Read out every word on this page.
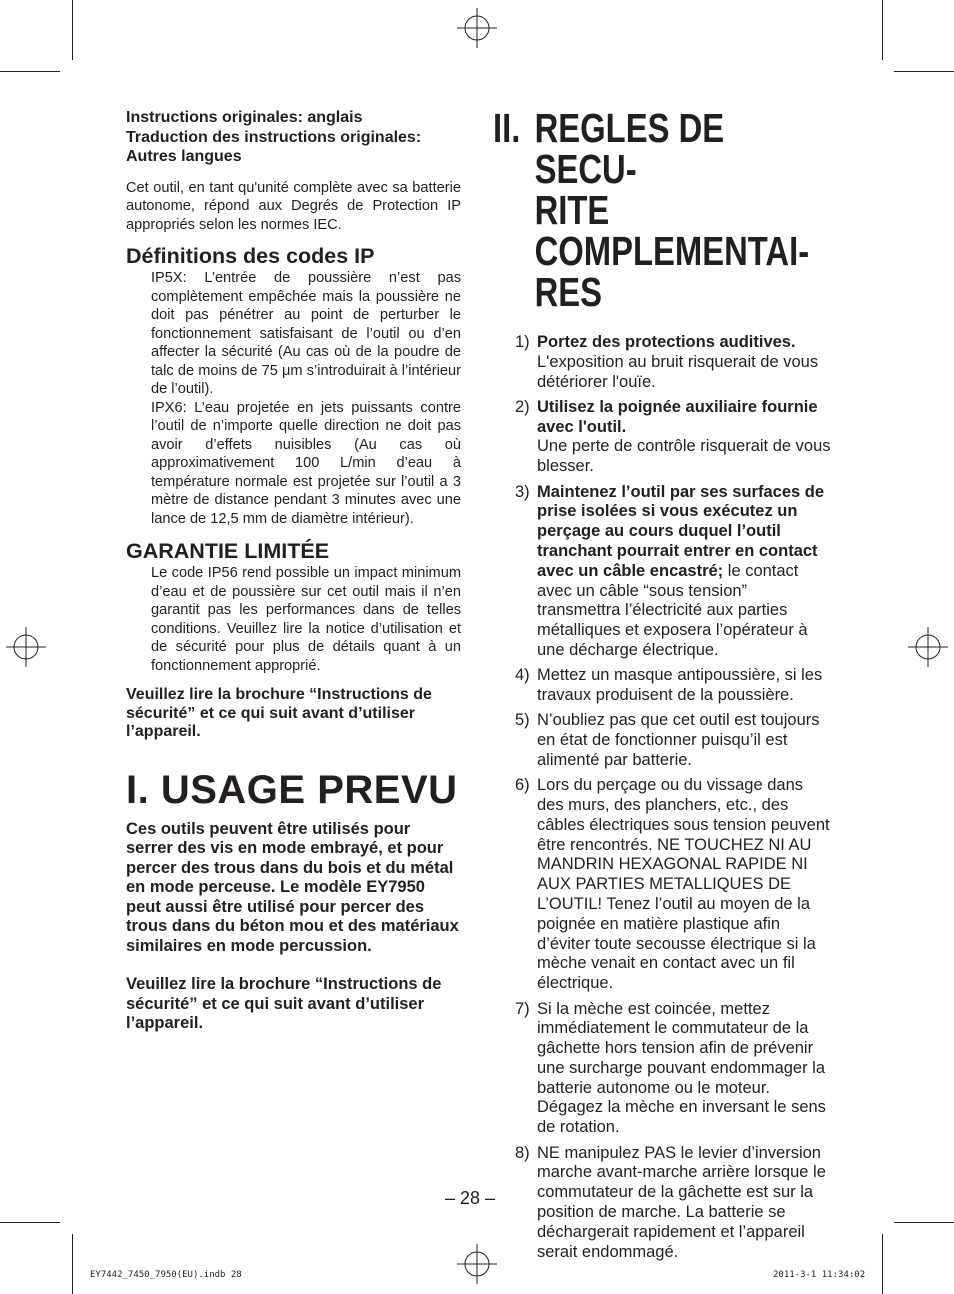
Instructions originales: anglais
Traduction des instructions originales:
Autres langues

Cet outil, en tant qu'unité complète avec sa batterie autonome, répond aux Degrés de Protection IP appropriés selon les normes IEC.

Définitions des codes IP

IP5X: L’entrée de poussière n’est pas complètement empêchée mais la poussière ne doit pas pénétrer au point de perturber le fonctionnement satisfaisant de l’outil ou d’en affecter la sécurité (Au cas où de la poudre de talc de moins de 75 μm s’introduirait à l’intérieur de l’outil).

IPX6: L’eau projetée en jets puissants contre l’outil de n’importe quelle direction ne doit pas avoir d’effets nuisibles (Au cas où approximativement 100 L/min d’eau à température normale est projetée sur l’outil a 3 mètre de distance pendant 3 minutes avec une lance de 12,5 mm de diamètre intérieur).

GARANTIE LIMITÉE

Le code IP56 rend possible un impact minimum d’eau et de poussière sur cet outil mais il n’en garantit pas les performances dans de telles conditions. Veuillez lire la notice d’utilisation et de sécurité pour plus de détails quant à un fonctionnement approprié.

Veuillez lire la brochure “Instructions de sécurité” et ce qui suit avant d’utiliser l’appareil.

I. USAGE PREVU

Ces outils peuvent être utilisés pour serrer des vis en mode embrayé, et pour percer des trous dans du bois et du métal en mode perceuse. Le modèle EY7950 peut aussi être utilisé pour percer des trous dans du béton mou et des matériaux similaires en mode percussion.

Veuillez lire la brochure “Instructions de sécurité” et ce qui suit avant d’utiliser l’appareil.

II. REGLES DE SECU-
RITE COMPLEMENTAI-
RES
1) Portez des protections auditives.
L'exposition au bruit risquerait de vous détériorer l'ouïe.

2) Utilisez la poignée auxiliaire fournie avec l'outil.
Une perte de contrôle risquerait de vous blesser.

3) Maintenez l’outil par ses surfaces de prise isolées si vous exécutez un perçage au cours duquel l’outil tranchant pourrait entrer en contact avec un câble encastré; le contact avec un câble “sous tension” transmettra l’électricité aux parties métalliques et exposera l’opérateur à une décharge électrique.

4) Mettez un masque antipoussière, si les travaux produisent de la poussière.

5) N’oubliez pas que cet outil est toujours en état de fonctionner puisqu’il est alimenté par batterie.

6) Lors du perçage ou du vissage dans des murs, des planchers, etc., des câbles électriques sous tension peuvent être rencontrés. NE TOUCHEZ NI AU MANDRIN HEXAGONAL RAPIDE NI AUX PARTIES METALLIQUES DE L’OUTIL! Tenez l’outil au moyen de la poignée en matière plastique afin d’éviter toute secousse électrique si la mèche venait en contact avec un fil électrique.

7) Si la mèche est coincée, mettez immédiatement le commutateur de la gâchette hors tension afin de prévenir une surcharge pouvant endommager la batterie autonome ou le moteur.

Dégagez la mèche en inversant le sens de rotation.

8) NE manipulez PAS le levier d’inversion marche avant-marche arrière lorsque le commutateur de la gâchette est sur la position de marche. La batterie se déchargerait rapidement et l’appareil serait endommagé.

– 28 –
EY7442_7450_7950(EU).indb 28	2011-3-1 11:34:02
